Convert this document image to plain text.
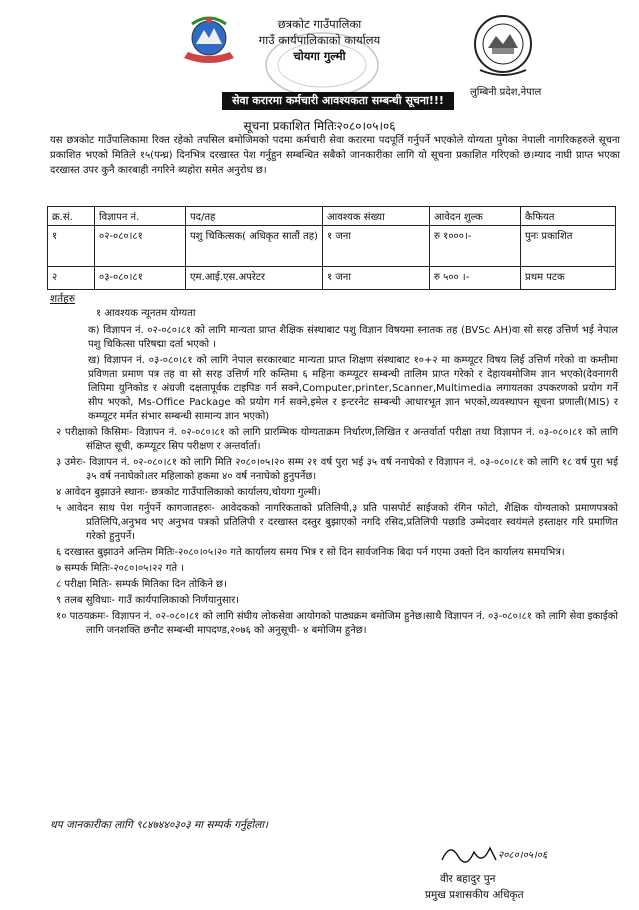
छत्रकोट गाउँपालिका
गाउँ कार्यपालिकाको कार्यालय
चोयगा गुल्मी
लुम्बिनी प्रदेश,नेपाल
सेवा करारमा कर्मचारी आवश्यकता सम्बन्धी सूचना!!!
सूचना प्रकाशित मितिः२०८०।०५।०६
यस छत्रकोट गाउँपालिकामा रिक्त रहेको तपसिल बमोजिमको पदमा कर्मचारी सेवा करारमा पदपूर्ति गर्नुपर्ने भएकोले योग्यता पुगेका नेपाली नागरिकहरुले सूचना प्रकाशित भएको मितिले १५(पन्ध्र) दिनभित्र दरखास्त पेश गर्नुहुन सम्बन्धित सबैको जानकारीका लागि यो सूचना प्रकाशित गरिएको छ।म्याद नाघी प्राप्त भएका दरखास्त उपर कुनै कारबाही नगरिने ब्यहोरा समेत अनुरोध छ।
क्र.सं.	विज्ञापन नं.	पद/तह	आवश्यक संख्या	आवेदन शुल्क	कैफियत
१	०२-०८०।८१	पशु चिकित्सक( अधिकृत सातौं तह)	१ जना	रु १०००।-	पुनः प्रकाशित
२	०३-०८०।८१	एम.आई.एस.अपरेटर	१ जना	रु ५०० ।-	प्रथम पटक
शर्तहरु

१ आवश्यक न्यूनतम योग्यता

क) विज्ञापन नं. ०२-०८०।८१ को लागि मान्यता प्राप्त शैक्षिक संस्थाबाट पशु विज्ञान विषयमा स्नातक तह (BVSc AH)वा सो सरह उत्तिर्ण भई नेपाल पशु चिकित्सा परिषद्मा दर्ता भएको ।

ख) विज्ञापन नं. ०३-०८०।८१ को लागि नेपाल सरकारबाट मान्यता प्राप्त शिक्षण संस्थाबाट १०+२ मा कम्प्यूटर विषय लिई उत्तिर्ण गरेको वा कम्तीमा प्रविणता प्रमाण पत्र तह वा सो सरह उत्तिर्ण गरि कम्तिमा ६ महिना कम्प्यूटर सम्बन्धी तालिम प्राप्त गरेको र देहायबमोजिम ज्ञान भएको(देवनागरी लिपिमा युनिकोड र अंग्रजी दक्षतापूर्वक टाइपिङ गर्न सक्ने,Computer,printer,Scanner,Multimedia लगायतका उपकरणको प्रयोग गर्ने सीप भएको, Ms-Office Package को प्रयोग गर्न सक्ने,इमेल र इन्टरनेट सम्बन्धी आधारभूत ज्ञान भएको,व्यवस्थापन सूचना प्रणाली(MIS) र कम्प्यूटर मर्मत संभार सम्बन्धी सामान्य ज्ञान भएको)

२ परीक्षाको किसिमः- विज्ञापन नं. ०२-०८०।८१ को लागि प्रारम्भिक योग्यताक्रम निर्धारण,लिखित र अन्तर्वार्ता परीक्षा तथा विज्ञापन नं. ०३-०८०।८१ को लागि संक्षिप्त सूची, कम्प्यूटर सिप परीक्षण र अन्तर्वार्ता।

३ उमेरः- विज्ञापन नं. ०२-०८०।८१ को लागि मिति २०८०।०५।२० सम्म २१ वर्ष पुरा भई ३५ वर्ष ननाघेको र विज्ञापन नं. ०३-०८०।८१ को लागि १८ वर्ष पुरा भई ३५ वर्ष ननाघेको।तर महिलाको हकमा ४० वर्ष ननाघेको हुनुपर्नेछ।

४ आवेदन बुझाउने स्थानः- छत्रकोट गाउँपालिकाको कार्यालय,चोयगा गुल्मी।

५ आवेदन साथ पेश गर्नुपर्ने कागजातहरुः- आवेदकको नागरिकताको प्रतिलिपी,३ प्रति पासपोर्ट साईजको रंगिन फोटो, शैक्षिक योग्यताको प्रमाणपत्रको प्रतिलिपि,अनुभव भए अनुभव पत्रको प्रतिलिपी र दरखास्त दस्तुर बुझाएको नगदि रसिद,प्रतिलिपी पछाडि उम्मेदवार स्वयंमले हस्ताक्षर गरि प्रमाणित गरेको हुनुपर्ने।

६ दरखास्त बुझाउने अन्तिम मितिः-२०८०।०५।२० गते कार्यालय समय भित्र र सो दिन सार्वजनिक बिदा पर्न गएमा उक्तो दिन कार्यालय समयभित्र।

७ सम्पर्क मितिः-२०८०।०५।२२ गते ।

८ परीक्षा मितिः- सम्पर्क मितिका दिन तोकिने छ।

९ तलब सुविधाः- गाउँ कार्यपालिकाको निर्णयानुसार।

१० पाठयक्रमः- विज्ञापन नं. ०२-०८०।८१ को लागि संघीय लोकसेवा आयोगको पाठ्यक्रम बमोजिम हुनेछ।साथै विज्ञापन नं. ०३-०८०।८१ को लागि सेवा इकाईको लागि जनशक्ति छनौट सम्बन्धी मापदण्ड,२०७६ को अनुसूची- ४ बमोजिम हुनेछ।

थप जानकारीका लागि ९८४७४४०३०३ मा सम्पर्क गर्नुहोला।
२०८०।०५।०६
वीर बहादुर पुन
प्रमुख प्रशासकीय अधिकृत
